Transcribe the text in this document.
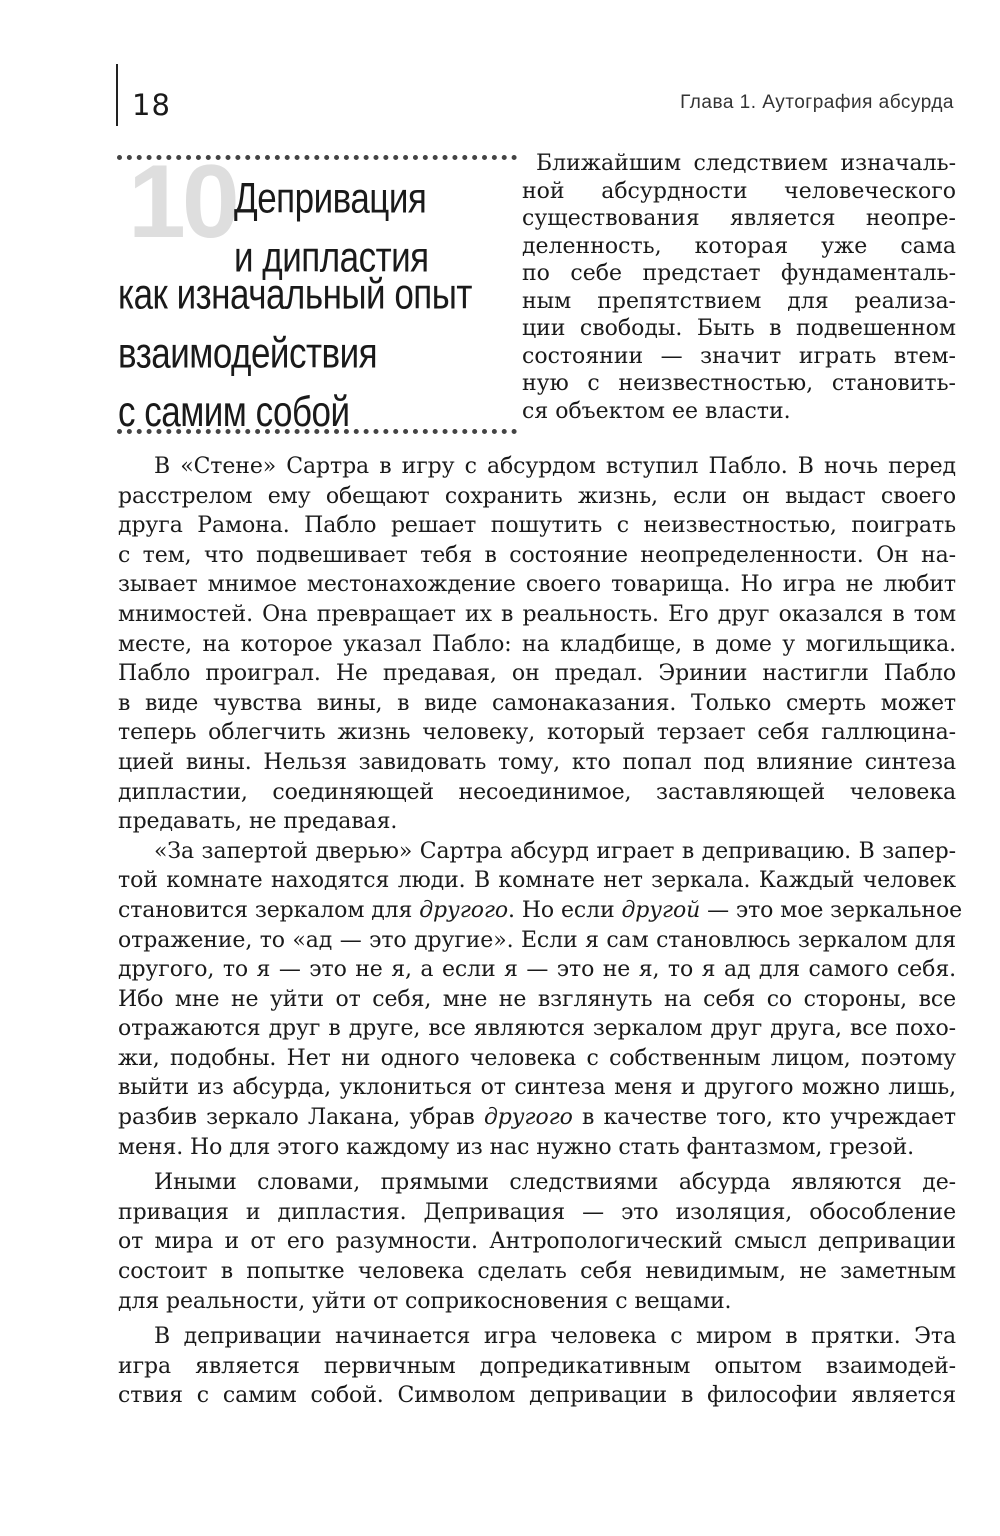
18	Глава 1. Аутография абсурда
10
Депривация
и дипластия
как изначальный опыт
взаимодействия
с самим собой
Ближайшим следствием изначаль-
ной абсурдности человеческого
существования является неопре-
деленность, которая уже сама
по себе предстает фундаменталь-
ным препятствием для реализа-
ции свободы. Быть в подвешенном
состоянии — значит играть втем-
ную с неизвестностью, становить-
ся объектом ее власти.
В «Стене» Сартра в игру с абсурдом вступил Пабло. В ночь перед
расстрелом ему обещают сохранить жизнь, если он выдаст своего
друга Рамона. Пабло решает пошутить с неизвестностью, поиграть
с тем, что подвешивает тебя в состояние неопределенности. Он на-
зывает мнимое местонахождение своего товарища. Но игра не любит
мнимостей. Она превращает их в реальность. Его друг оказался в том
месте, на которое указал Пабло: на кладбище, в доме у могильщика.
Пабло проиграл. Не предавая, он предал. Эринии настигли Пабло
в виде чувства вины, в виде самонаказания. Только смерть может
теперь облегчить жизнь человеку, который терзает себя галлюцина-
цией вины. Нельзя завидовать тому, кто попал под влияние синтеза
дипластии, соединяющей несоединимое, заставляющей человека
предавать, не предавая.
«За запертой дверью» Сартра абсурд играет в депривацию. В запер-
той комнате находятся люди. В комнате нет зеркала. Каждый человек
становится зеркалом для другого. Но если другой — это мое зеркальное
отражение, то «ад — это другие». Если я сам становлюсь зеркалом для
другого, то я — это не я, а если я — это не я, то я ад для самого себя.
Ибо мне не уйти от себя, мне не взглянуть на себя со стороны, все
отражаются друг в друге, все являются зеркалом друг друга, все похо-
жи, подобны. Нет ни одного человека с собственным лицом, поэтому
выйти из абсурда, уклониться от синтеза меня и другого можно лишь,
разбив зеркало Лакана, убрав другого в качестве того, кто учреждает
меня. Но для этого каждому из нас нужно стать фантазмом, грезой.
Иными словами, прямыми следствиями абсурда являются де-
привация и дипластия. Депривация — это изоляция, обособление
от мира и от его разумности. Антропологический смысл депривации
состоит в попытке человека сделать себя невидимым, не заметным
для реальности, уйти от соприкосновения с вещами.
В депривации начинается игра человека с миром в прятки. Эта
игра является первичным допредикативным опытом взаимодей-
ствия с самим собой. Символом депривации в философии является
